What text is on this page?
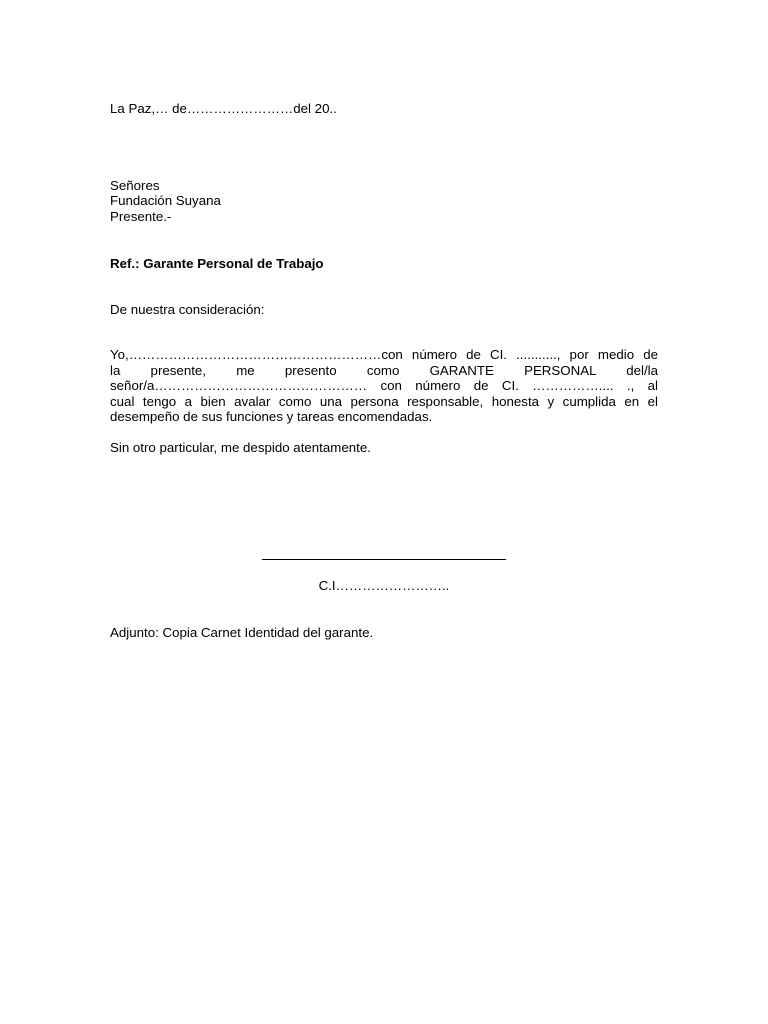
La Paz,… de……………………del 20..
Señores
Fundación Suyana
Presente.-
Ref.: Garante Personal de Trabajo
De nuestra consideración:
Yo,…………………………………………………con número de CI. ..........., por medio de
la presente, me presento como GARANTE PERSONAL del/la
señor/a………………………………………… con número de CI. …………….... ., al
cual tengo a bien avalar como una persona responsable, honesta y cumplida en el
desempeño de sus funciones y tareas encomendadas.
Sin otro particular, me despido atentamente.
C.I……………………..
Adjunto: Copia Carnet Identidad del garante.
